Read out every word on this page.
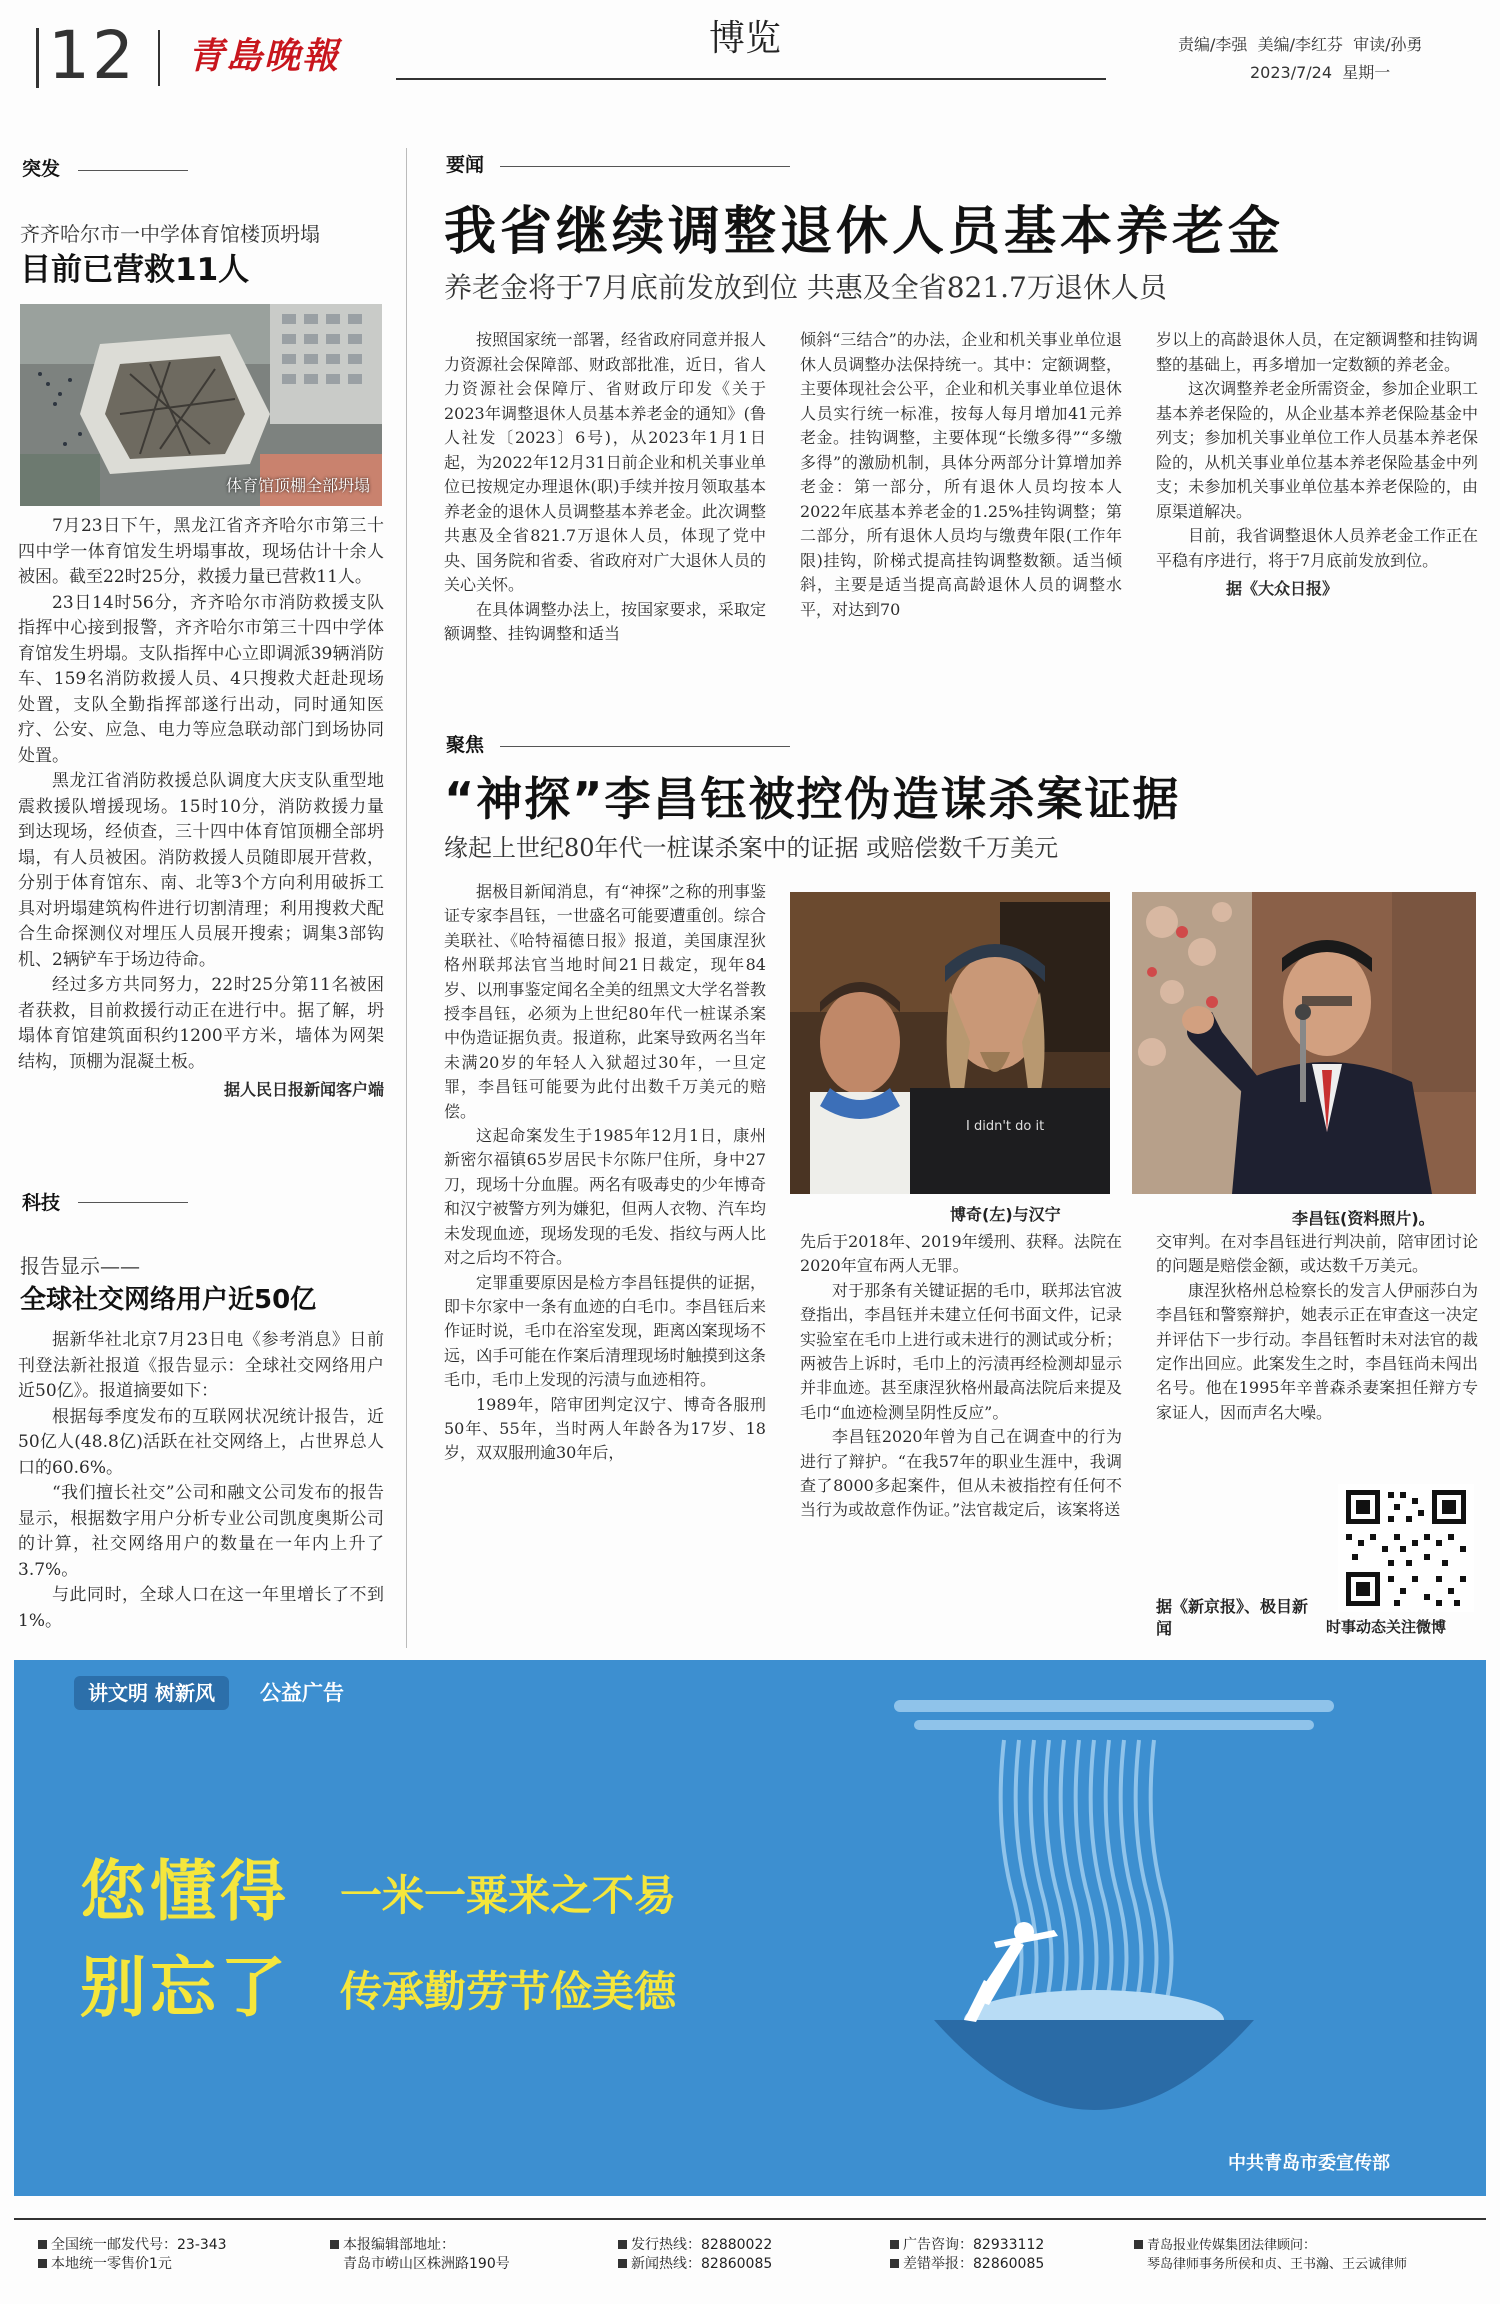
12 青島晚報	博览	责编/李强  美编/李红芬  审读/孙勇
2023/7/24  星期一
突发
齐齐哈尔市一中学体育馆楼顶坍塌
目前已营救11人
体育馆顶棚全部坍塌

7月23日下午，黑龙江省齐齐哈尔市第三十四中学一体育馆发生坍塌事故，现场估计十余人被困。截至22时25分，救援力量已营救11人。

23日14时56分，齐齐哈尔市消防救援支队指挥中心接到报警，齐齐哈尔市第三十四中学体育馆发生坍塌。支队指挥中心立即调派39辆消防车、159名消防救援人员、4只搜救犬赶赴现场处置，支队全勤指挥部遂行出动，同时通知医疗、公安、应急、电力等应急联动部门到场协同处置。

黑龙江省消防救援总队调度大庆支队重型地震救援队增援现场。15时10分，消防救援力量到达现场，经侦查，三十四中体育馆顶棚全部坍塌，有人员被困。消防救援人员随即展开营救，分别于体育馆东、南、北等3个方向利用破拆工具对坍塌建筑构件进行切割清理；利用搜救犬配合生命探测仪对埋压人员展开搜索；调集3部钩机、2辆铲车于场边待命。

经过多方共同努力，22时25分第11名被困者获救，目前救援行动正在进行中。据了解，坍塌体育馆建筑面积约1200平方米，墙体为网架结构，顶棚为混凝土板。

据人民日报新闻客户端
科技
报告显示——
全球社交网络用户近50亿

据新华社北京7月23日电《参考消息》日前刊登法新社报道《报告显示：全球社交网络用户近50亿》。报道摘要如下：

根据每季度发布的互联网状况统计报告，近50亿人(48.8亿)活跃在社交网络上，占世界总人口的60.6%。

“我们擅长社交”公司和融文公司发布的报告显示，根据数字用户分析专业公司凯度奥斯公司的计算，社交网络用户的数量在一年内上升了3.7%。

与此同时，全球人口在这一年里增长了不到1%。

要闻
我省继续调整退休人员基本养老金
养老金将于7月底前发放到位 共惠及全省821.7万退休人员

按照国家统一部署，经省政府同意并报人力资源社会保障部、财政部批准，近日，省人力资源社会保障厅、省财政厅印发《关于2023年调整退休人员基本养老金的通知》(鲁人社发〔2023〕6号)，从2023年1月1日起，为2022年12月31日前企业和机关事业单位已按规定办理退休(职)手续并按月领取基本养老金的退休人员调整基本养老金。此次调整共惠及全省821.7万退休人员，体现了党中央、国务院和省委、省政府对广大退休人员的关心关怀。

在具体调整办法上，按国家要求，采取定额调整、挂钩调整和适当

倾斜“三结合”的办法，企业和机关事业单位退休人员调整办法保持统一。其中：定额调整，主要体现社会公平，企业和机关事业单位退休人员实行统一标准，按每人每月增加41元养老金。挂钩调整，主要体现“长缴多得”“多缴多得”的激励机制，具体分两部分计算增加养老金：第一部分，所有退休人员均按本人2022年底基本养老金的1.25%挂钩调整；第二部分，所有退休人员均与缴费年限(工作年限)挂钩，阶梯式提高挂钩调整数额。适当倾斜，主要是适当提高高龄退休人员的调整水平，对达到70

岁以上的高龄退休人员，在定额调整和挂钩调整的基础上，再多增加一定数额的养老金。

这次调整养老金所需资金，参加企业职工基本养老保险的，从企业基本养老保险基金中列支；参加机关事业单位工作人员基本养老保险的，从机关事业单位基本养老保险基金中列支；未参加机关事业单位基本养老保险的，由原渠道解决。

目前，我省调整退休人员养老金工作正在平稳有序进行，将于7月底前发放到位。

据《大众日报》
聚焦
“神探”李昌钰被控伪造谋杀案证据
缘起上世纪80年代一桩谋杀案中的证据 或赔偿数千万美元

据极目新闻消息，有“神探”之称的刑事鉴证专家李昌钰，一世盛名可能要遭重创。综合美联社、《哈特福德日报》报道，美国康涅狄格州联邦法官当地时间21日裁定，现年84岁、以刑事鉴定闻名全美的纽黑文大学名誉教授李昌钰，必须为上世纪80年代一桩谋杀案中伪造证据负责。报道称，此案导致两名当年未满20岁的年轻人入狱超过30年，一旦定罪，李昌钰可能要为此付出数千万美元的赔偿。

这起命案发生于1985年12月1日，康州新密尔福镇65岁居民卡尔陈尸住所，身中27刀，现场十分血腥。两名有吸毒史的少年博奇和汉宁被警方列为嫌犯，但两人衣物、汽车均未发现血迹，现场发现的毛发、指纹与两人比对之后均不符合。

定罪重要原因是检方李昌钰提供的证据，即卡尔家中一条有血迹的白毛巾。李昌钰后来作证时说，毛巾在浴室发现，距离凶案现场不远，凶手可能在作案后清理现场时触摸到这条毛巾，毛巾上发现的污渍与血迹相符。

1989年，陪审团判定汉宁、博奇各服刑50年、55年，当时两人年龄各为17岁、18岁，双双服刑逾30年后，

I didn't do it
博奇(左)与汉宁	李昌钰(资料照片)。

先后于2018年、2019年缓刑、获释。法院在2020年宣布两人无罪。

对于那条有关键证据的毛巾，联邦法官波登指出，李昌钰并未建立任何书面文件，记录实验室在毛巾上进行或未进行的测试或分析；两被告上诉时，毛巾上的污渍再经检测却显示并非血迹。甚至康涅狄格州最高法院后来提及毛巾“血迹检测呈阴性反应”。

李昌钰2020年曾为自己在调查中的行为进行了辩护。“在我57年的职业生涯中，我调查了8000多起案件，但从未被指控有任何不当行为或故意作伪证。”法官裁定后，该案将送

交审判。在对李昌钰进行判决前，陪审团讨论的问题是赔偿金额，或达数千万美元。

康涅狄格州总检察长的发言人伊丽莎白为李昌钰和警察辩护，她表示正在审查这一决定并评估下一步行动。李昌钰暂时未对法官的裁定作出回应。此案发生之时，李昌钰尚未闯出名号。他在1995年辛普森杀妻案担任辩方专家证人，因而声名大噪。

据《新京报》、极目新闻	时事动态关注微博
讲文明 树新风	公益广告
您懂得 一米一粟来之不易
别忘了 传承勤劳节俭美德
中共青岛市委宣传部
全国统一邮发代号：23-343
本地统一零售价1元
本报编辑部地址：
青岛市崂山区株洲路190号
发行热线：82880022
新闻热线：82860085
广告咨询：82933112
差错举报：82860085
青岛报业传媒集团法律顾问：
琴岛律师事务所侯和贞、王书瀚、王云诚律师
